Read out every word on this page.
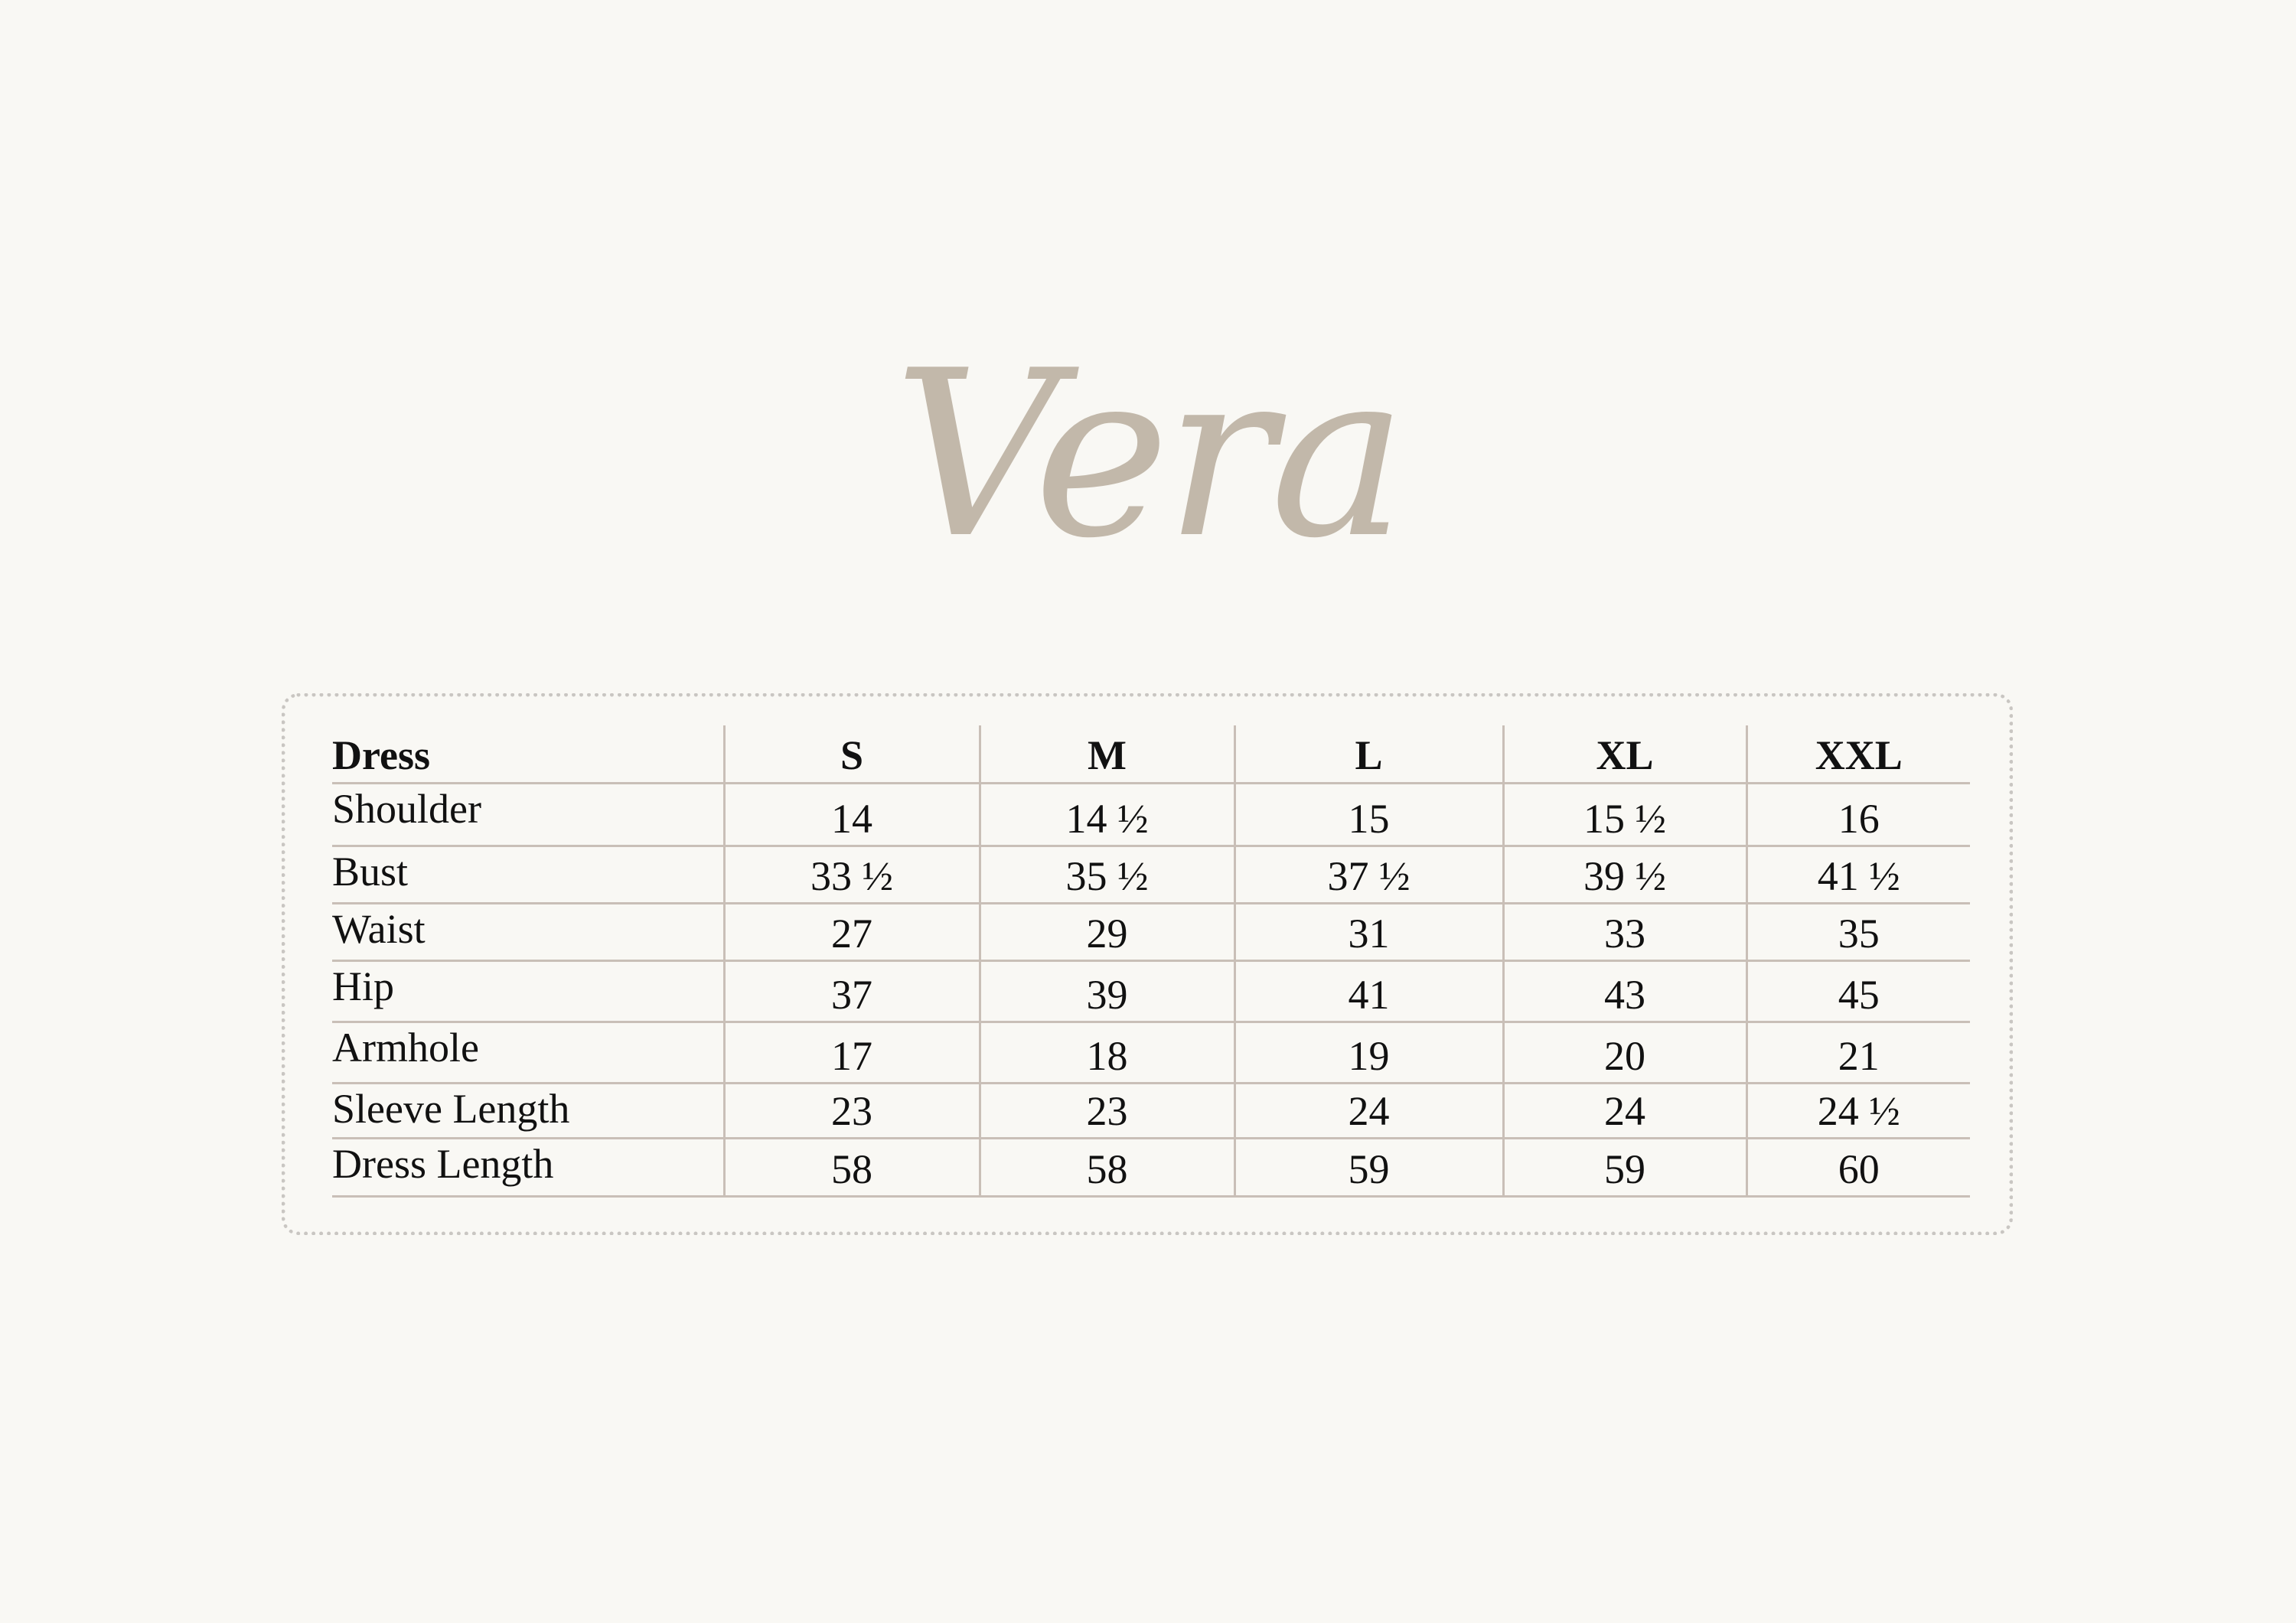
Vera
Dress	S	M	L	XL	XXL
Shoulder	14	14 ½	15	15 ½	16
Bust	33 ½	35 ½	37 ½	39 ½	41 ½
Waist	27	29	31	33	35
Hip	37	39	41	43	45
Armhole	17	18	19	20	21
Sleeve Length	23	23	24	24	24 ½
Dress Length	58	58	59	59	60
